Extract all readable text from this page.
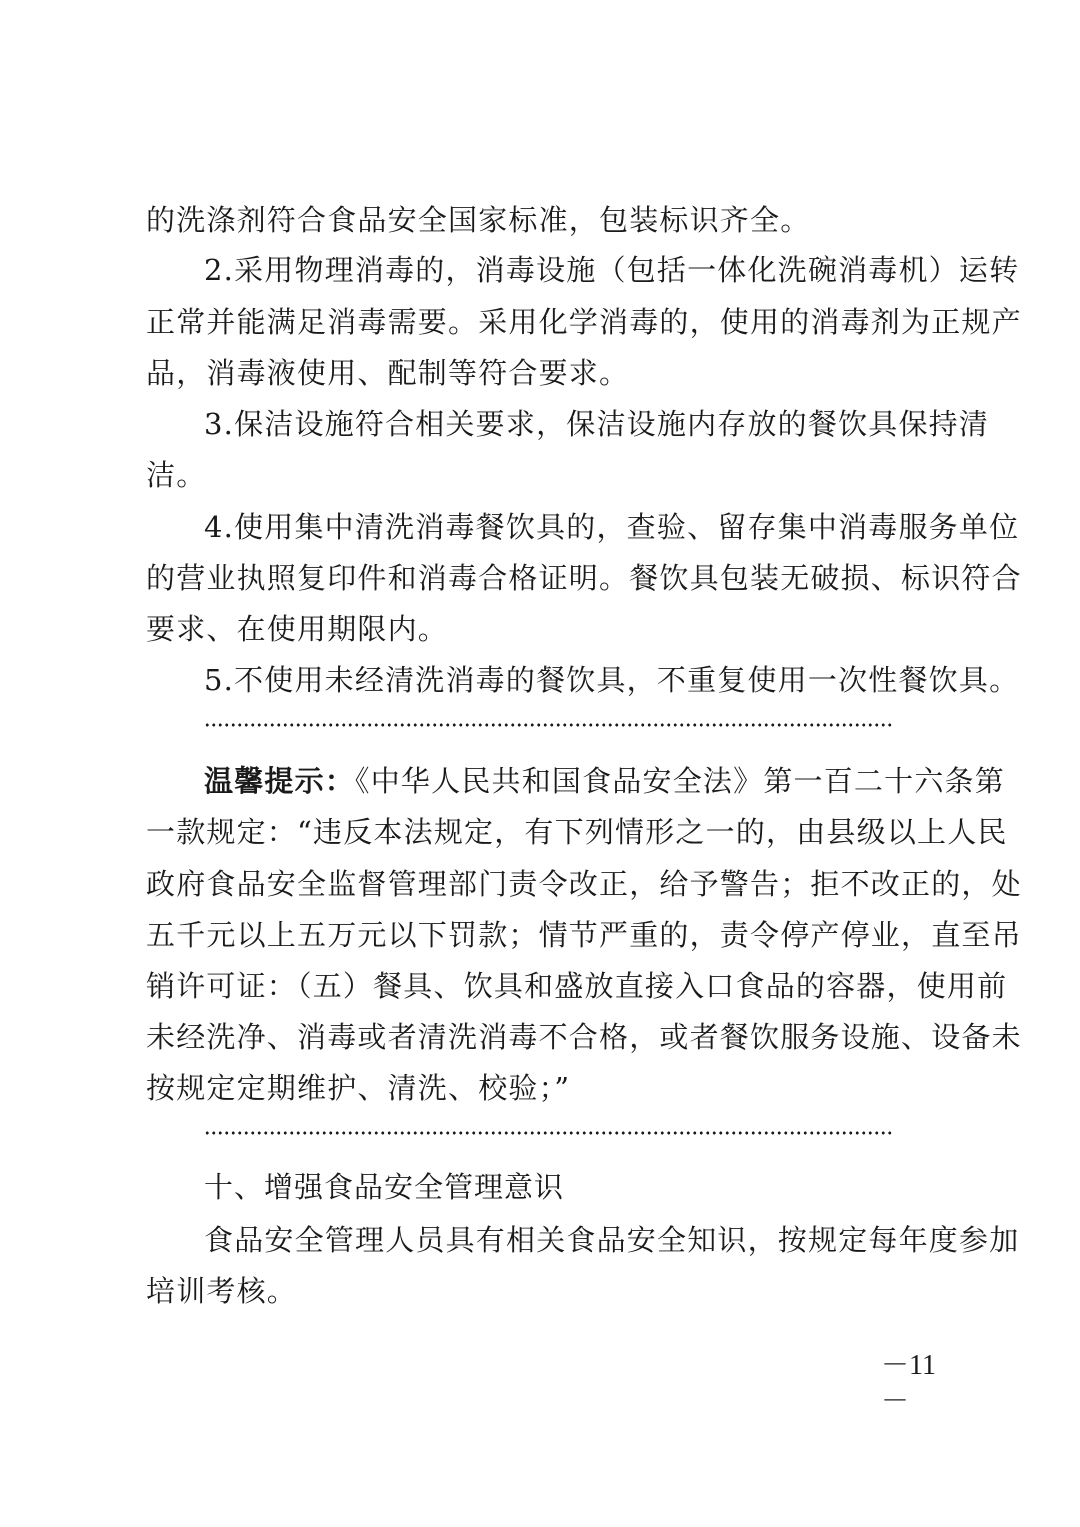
的洗涤剂符合食品安全国家标准，包装标识齐全。
2.采用物理消毒的，消毒设施（包括一体化洗碗消毒机）运转
正常并能满足消毒需要。采用化学消毒的，使用的消毒剂为正规产
品，消毒液使用、配制等符合要求。
3.保洁设施符合相关要求，保洁设施内存放的餐饮具保持清
洁。
4.使用集中清洗消毒餐饮具的，查验、留存集中消毒服务单位
的营业执照复印件和消毒合格证明。餐饮具包装无破损、标识符合
要求、在使用期限内。
5.不使用未经清洗消毒的餐饮具，不重复使用一次性餐饮具。
温馨提示：《中华人民共和国食品安全法》第一百二十六条第
一款规定：“违反本法规定，有下列情形之一的，由县级以上人民
政府食品安全监督管理部门责令改正，给予警告；拒不改正的，处
五千元以上五万元以下罚款；情节严重的，责令停产停业，直至吊
销许可证：（五）餐具、饮具和盛放直接入口食品的容器，使用前
未经洗净、消毒或者清洗消毒不合格，或者餐饮服务设施、设备未
按规定定期维护、清洗、校验；”
十、增强食品安全管理意识
食品安全管理人员具有相关食品安全知识，按规定每年度参加
培训考核。
－11－
